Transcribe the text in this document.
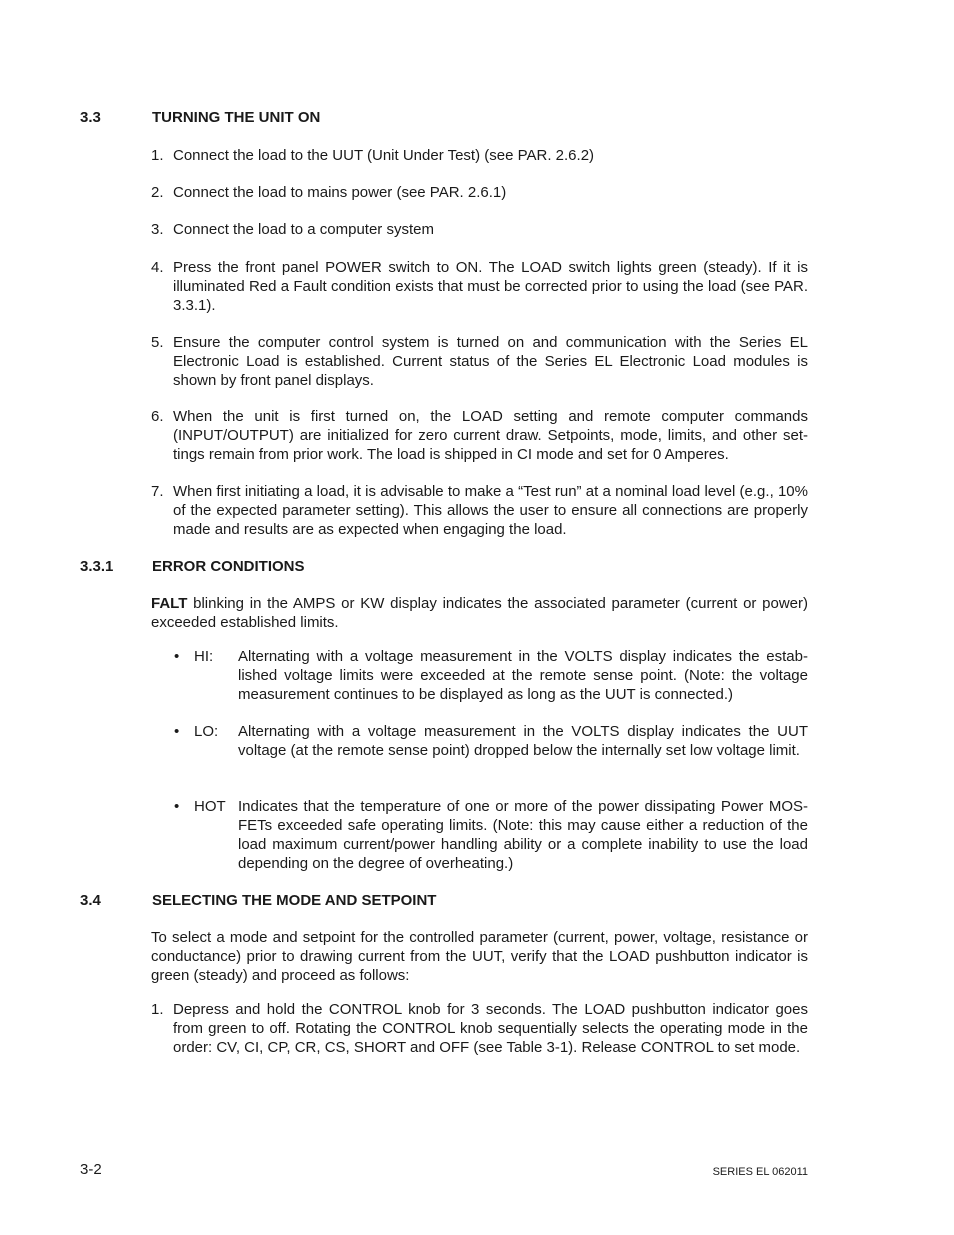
3.3	TURNING THE UNIT ON
1. Connect the load to the UUT (Unit Under Test) (see PAR. 2.6.2)
2. Connect the load to mains power (see PAR. 2.6.1)
3. Connect the load to a computer system
4. Press the front panel POWER switch to ON. The LOAD switch lights green (steady). If it is illuminated Red a Fault condition exists that must be corrected prior to using the load (see PAR. 3.3.1).
5. Ensure the computer control system is turned on and communication with the Series EL Electronic Load is established. Current status of the Series EL Electronic Load modules is shown by front panel displays.
6. When the unit is first turned on, the LOAD setting and remote computer commands (INPUT/OUTPUT) are initialized for zero current draw. Setpoints, mode, limits, and other settings remain from prior work. The load is shipped in CI mode and set for 0 Amperes.
7. When first initiating a load, it is advisable to make a “Test run” at a nominal load level (e.g., 10% of the expected parameter setting). This allows the user to ensure all connections are properly made and results are as expected when engaging the load.
3.3.1	ERROR CONDITIONS
FALT blinking in the AMPS or KW display indicates the associated parameter (current or power) exceeded established limits.
• HI: Alternating with a voltage measurement in the VOLTS display indicates the established voltage limits were exceeded at the remote sense point. (Note: the voltage measurement continues to be displayed as long as the UUT is connected.)
• LO: Alternating with a voltage measurement in the VOLTS display indicates the UUT voltage (at the remote sense point) dropped below the internally set low voltage limit.
• HOT Indicates that the temperature of one or more of the power dissipating Power MOSFETs exceeded safe operating limits. (Note: this may cause either a reduction of the load maximum current/power handling ability or a complete inability to use the load depending on the degree of overheating.)
3.4	SELECTING THE MODE AND SETPOINT
To select a mode and setpoint for the controlled parameter (current, power, voltage, resistance or conductance) prior to drawing current from the UUT, verify that the LOAD pushbutton indicator is green (steady) and proceed as follows:
1. Depress and hold the CONTROL knob for 3 seconds. The LOAD pushbutton indicator goes from green to off. Rotating the CONTROL knob sequentially selects the operating mode in the order: CV, CI, CP, CR, CS, SHORT and OFF (see Table 3-1). Release CONTROL to set mode.
3-2	SERIES EL 062011
